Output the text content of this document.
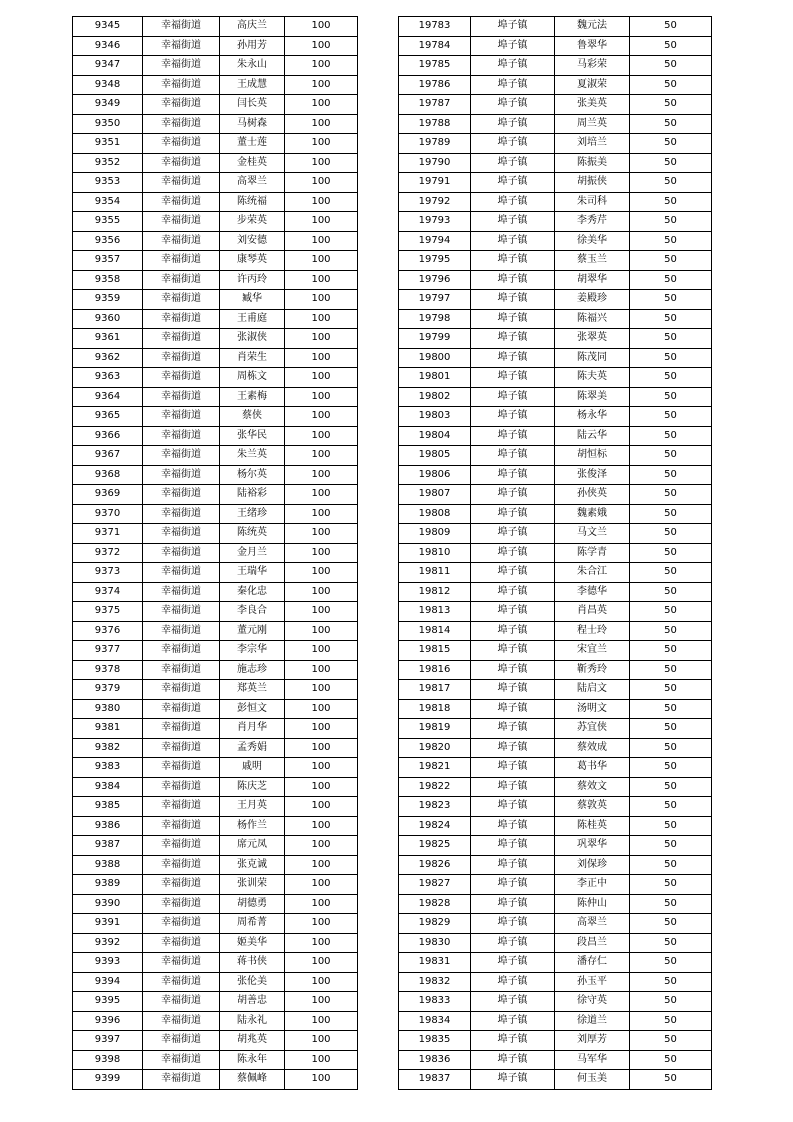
9345	幸福街道	高庆兰	100
9346	幸福街道	孙用芳	100
9347	幸福街道	朱永山	100
9348	幸福街道	王成慧	100
9349	幸福街道	闫长英	100
9350	幸福街道	马树森	100
9351	幸福街道	董士莲	100
9352	幸福街道	金桂英	100
9353	幸福街道	高翠兰	100
9354	幸福街道	陈统福	100
9355	幸福街道	步荣英	100
9356	幸福街道	刘安德	100
9357	幸福街道	康琴英	100
9358	幸福街道	许丙玲	100
9359	幸福街道	臧华	100
9360	幸福街道	王甫庭	100
9361	幸福街道	张淑侠	100
9362	幸福街道	肖荣生	100
9363	幸福街道	周栋文	100
9364	幸福街道	王素梅	100
9365	幸福街道	蔡侠	100
9366	幸福街道	张华民	100
9367	幸福街道	朱兰英	100
9368	幸福街道	杨尔英	100
9369	幸福街道	陆裕彩	100
9370	幸福街道	王绪珍	100
9371	幸福街道	陈统英	100
9372	幸福街道	金月兰	100
9373	幸福街道	王瑞华	100
9374	幸福街道	秦化忠	100
9375	幸福街道	李良合	100
9376	幸福街道	董元刚	100
9377	幸福街道	李宗华	100
9378	幸福街道	施志珍	100
9379	幸福街道	郑英兰	100
9380	幸福街道	彭恒文	100
9381	幸福街道	肖月华	100
9382	幸福街道	孟秀娟	100
9383	幸福街道	戚明	100
9384	幸福街道	陈庆芝	100
9385	幸福街道	王月英	100
9386	幸福街道	杨作兰	100
9387	幸福街道	席元凤	100
9388	幸福街道	张克诚	100
9389	幸福街道	张训荣	100
9390	幸福街道	胡德勇	100
9391	幸福街道	周希菁	100
9392	幸福街道	姬美华	100
9393	幸福街道	蒋书侠	100
9394	幸福街道	张伦美	100
9395	幸福街道	胡善忠	100
9396	幸福街道	陆永礼	100
9397	幸福街道	胡兆英	100
9398	幸福街道	陈永年	100
9399	幸福街道	蔡佩峰	100
19783	埠子镇	魏元法	50
19784	埠子镇	鲁翠华	50
19785	埠子镇	马彩荣	50
19786	埠子镇	夏淑荣	50
19787	埠子镇	张美英	50
19788	埠子镇	周兰英	50
19789	埠子镇	刘培兰	50
19790	埠子镇	陈振美	50
19791	埠子镇	胡振侠	50
19792	埠子镇	朱司科	50
19793	埠子镇	李秀芹	50
19794	埠子镇	徐美华	50
19795	埠子镇	蔡玉兰	50
19796	埠子镇	胡翠华	50
19797	埠子镇	姜殿珍	50
19798	埠子镇	陈福兴	50
19799	埠子镇	张翠英	50
19800	埠子镇	陈茂同	50
19801	埠子镇	陈夫英	50
19802	埠子镇	陈翠美	50
19803	埠子镇	杨永华	50
19804	埠子镇	陆云华	50
19805	埠子镇	胡恒标	50
19806	埠子镇	张俊泽	50
19807	埠子镇	孙侠英	50
19808	埠子镇	魏素娥	50
19809	埠子镇	马文兰	50
19810	埠子镇	陈学青	50
19811	埠子镇	朱合江	50
19812	埠子镇	李德华	50
19813	埠子镇	肖昌英	50
19814	埠子镇	程士玲	50
19815	埠子镇	宋宜兰	50
19816	埠子镇	靳秀玲	50
19817	埠子镇	陆启文	50
19818	埠子镇	汤明文	50
19819	埠子镇	苏宜侠	50
19820	埠子镇	蔡效成	50
19821	埠子镇	葛书华	50
19822	埠子镇	蔡效文	50
19823	埠子镇	蔡敦英	50
19824	埠子镇	陈桂英	50
19825	埠子镇	巩翠华	50
19826	埠子镇	刘保珍	50
19827	埠子镇	李正中	50
19828	埠子镇	陈仲山	50
19829	埠子镇	高翠兰	50
19830	埠子镇	段昌兰	50
19831	埠子镇	潘存仁	50
19832	埠子镇	孙玉平	50
19833	埠子镇	徐守英	50
19834	埠子镇	徐道兰	50
19835	埠子镇	刘厚芳	50
19836	埠子镇	马军华	50
19837	埠子镇	何玉美	50
